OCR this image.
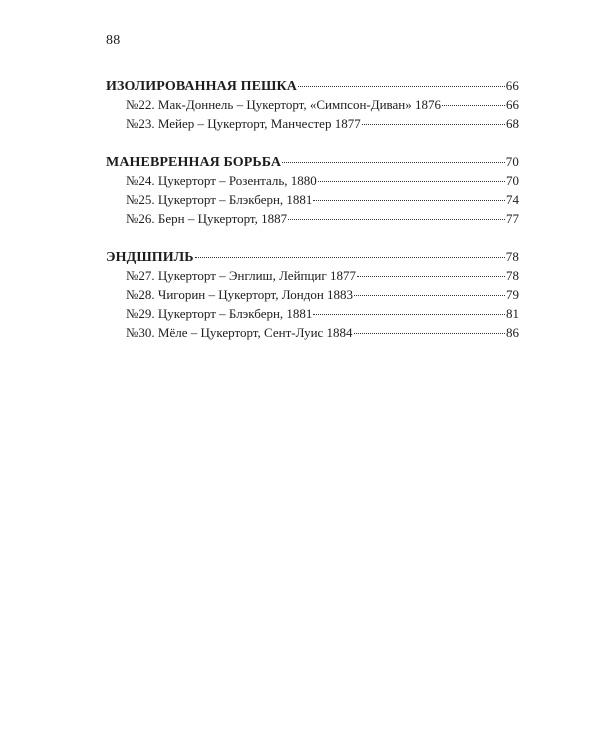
88
ИЗОЛИРОВАННАЯ ПЕШКА	66
№22. Мак-Доннель – Цукерторт, «Симпсон-Диван» 1876	66
№23. Мейер – Цукерторт, Манчестер 1877	68
МАНЕВРЕННАЯ БОРЬБА	70
№24. Цукерторт – Розенталь, 1880	70
№25. Цукерторт – Блэкберн, 1881	74
№26. Берн – Цукерторт, 1887	77
ЭНДШПИЛЬ	78
№27. Цукерторт – Энглиш, Лейпциг 1877	78
№28. Чигорин – Цукерторт, Лондон 1883	79
№29. Цукерторт – Блэкберн, 1881	81
№30. Мёле – Цукерторт, Сент-Луис 1884	86
